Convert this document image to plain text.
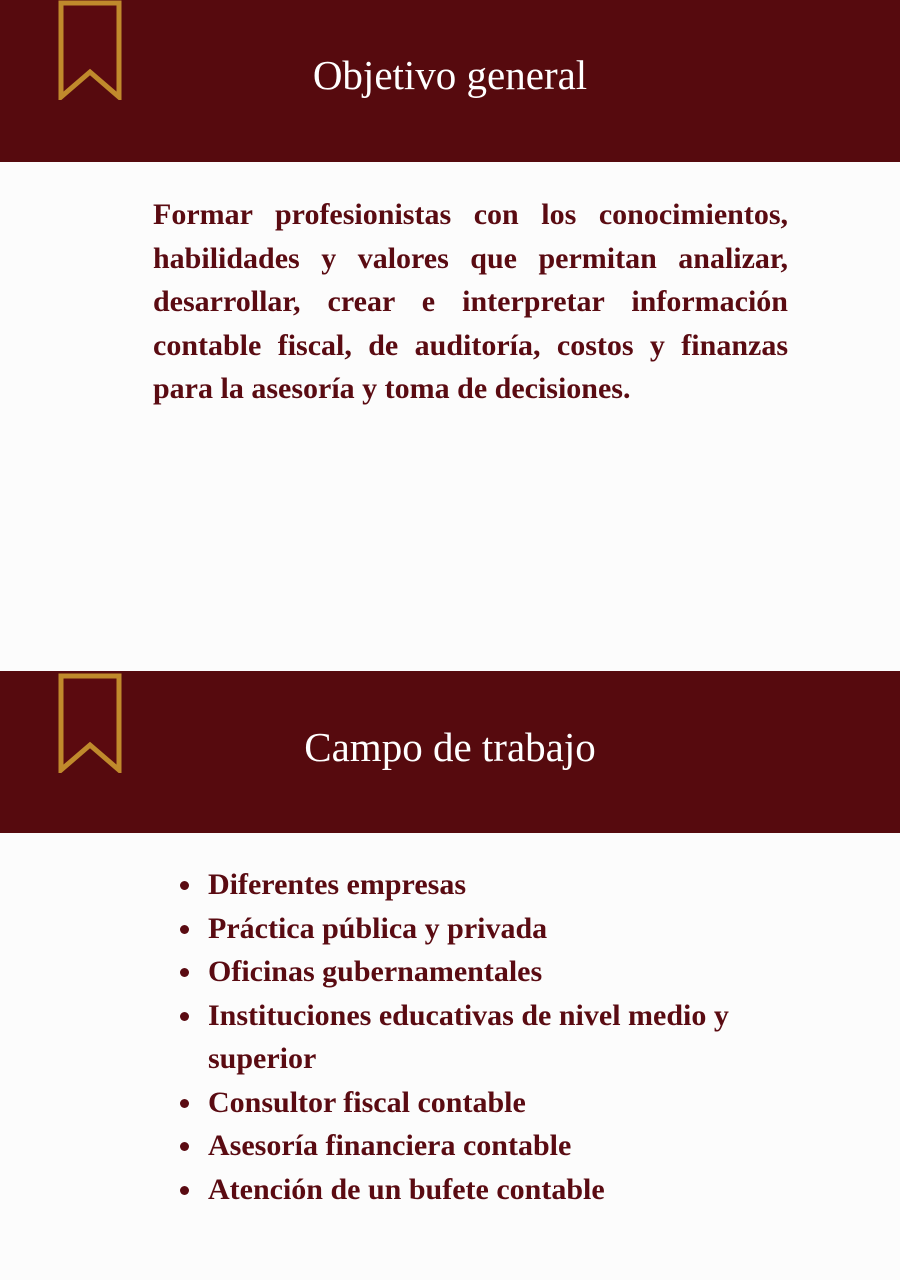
Objetivo general

Formar profesionistas con los conocimientos, habilidades y valores que permitan analizar, desarrollar, crear e interpretar información contable fiscal, de auditoría, costos y finanzas para la asesoría y toma de decisiones.

Campo de trabajo
Diferentes empresas
Práctica pública y privada
Oficinas gubernamentales
Instituciones educativas de nivel medio y superior
Consultor fiscal contable
Asesoría financiera contable
Atención de un bufete contable
